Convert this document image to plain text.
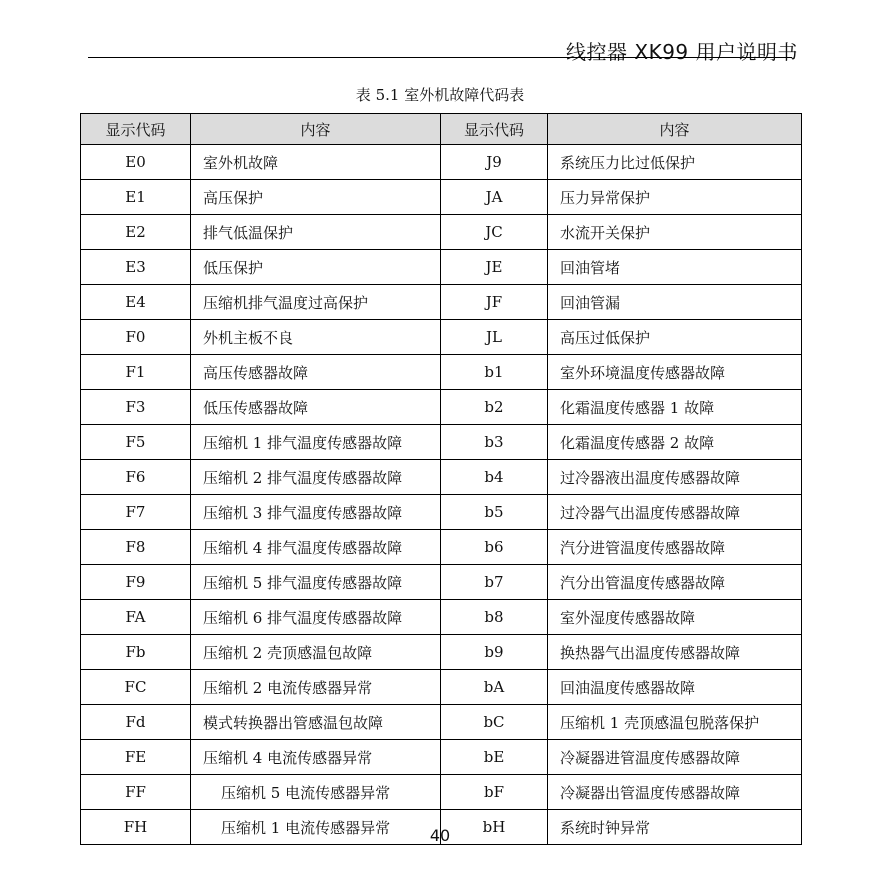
线控器 XK99 用户说明书
表 5.1 室外机故障代码表
显示代码	内容	显示代码	内容
E0	室外机故障	J9	系统压力比过低保护
E1	高压保护	JA	压力异常保护
E2	排气低温保护	JC	水流开关保护
E3	低压保护	JE	回油管堵
E4	压缩机排气温度过高保护	JF	回油管漏
F0	外机主板不良	JL	高压过低保护
F1	高压传感器故障	b1	室外环境温度传感器故障
F3	低压传感器故障	b2	化霜温度传感器 1 故障
F5	压缩机 1 排气温度传感器故障	b3	化霜温度传感器 2 故障
F6	压缩机 2 排气温度传感器故障	b4	过冷器液出温度传感器故障
F7	压缩机 3 排气温度传感器故障	b5	过冷器气出温度传感器故障
F8	压缩机 4 排气温度传感器故障	b6	汽分进管温度传感器故障
F9	压缩机 5 排气温度传感器故障	b7	汽分出管温度传感器故障
FA	压缩机 6 排气温度传感器故障	b8	室外湿度传感器故障
Fb	压缩机 2 壳顶感温包故障	b9	换热器气出温度传感器故障
FC	压缩机 2 电流传感器异常	bA	回油温度传感器故障
Fd	模式转换器出管感温包故障	bC	压缩机 1 壳顶感温包脱落保护
FE	压缩机 4 电流传感器异常	bE	冷凝器进管温度传感器故障
FF	压缩机 5 电流传感器异常	bF	冷凝器出管温度传感器故障
FH	压缩机 1 电流传感器异常	bH	系统时钟异常
40
